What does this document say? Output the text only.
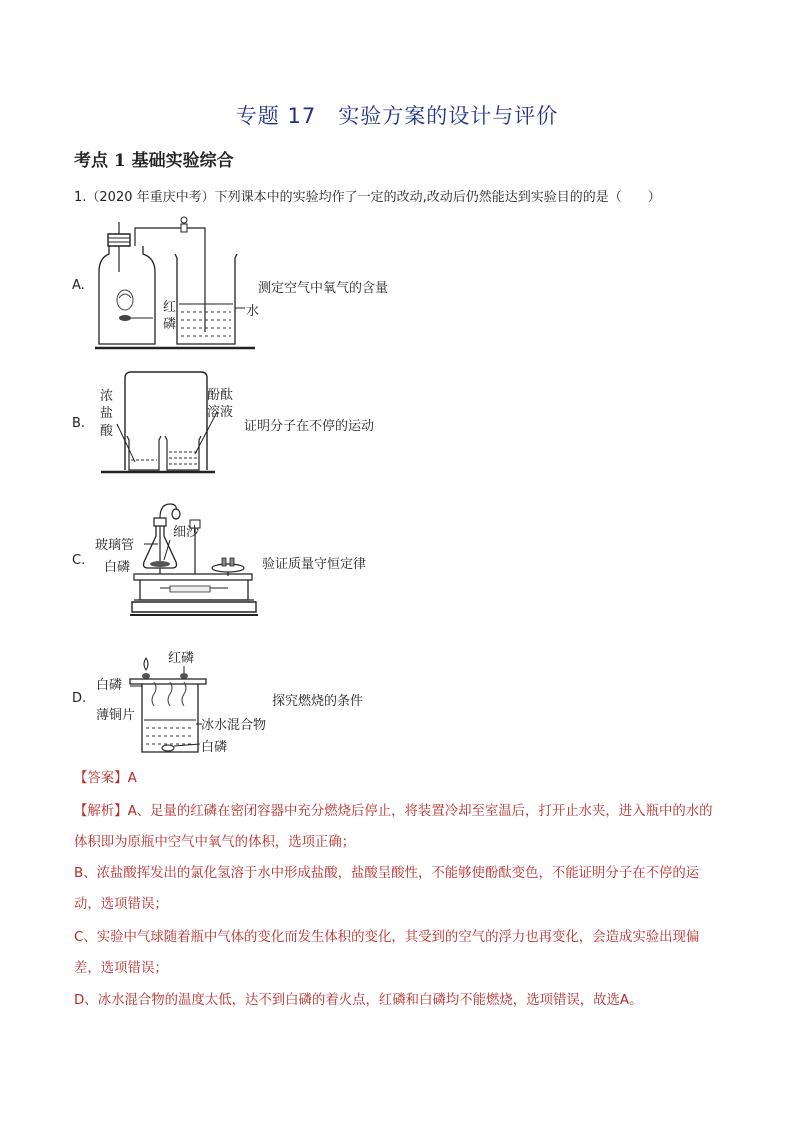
专题 17　实验方案的设计与评价
考点 1 基础实验综合
1.（2020 年重庆中考）下列课本中的实验均作了一定的改动,改动后仍然能达到实验目的的是（　　）
A.
红
磷
水
测定空气中氧气的含量
B.
浓
盐
酸
酚酞
溶液
证明分子在不停的运动
C.
玻璃管
细沙
白磷	验证质量守恒定律
D.
红磷
白磷
薄铜片
冰水混合物
白磷
探究燃烧的条件
【答案】A
【解析】A、足量的红磷在密闭容器中充分燃烧后停止，将装置冷却至室温后，打开止水夹，进入瓶中的水的体积即为原瓶中空气中氧气的体积，选项正确；
B、浓盐酸挥发出的氯化氢溶于水中形成盐酸，盐酸呈酸性，不能够使酚酞变色，不能证明分子在不停的运动，选项错误；
C、实验中气球随着瓶中气体的变化而发生体积的变化，其受到的空气的浮力也再变化，会造成实验出现偏差，选项错误；
D、冰水混合物的温度太低，达不到白磷的着火点，红磷和白磷均不能燃烧，选项错误，故选A。
